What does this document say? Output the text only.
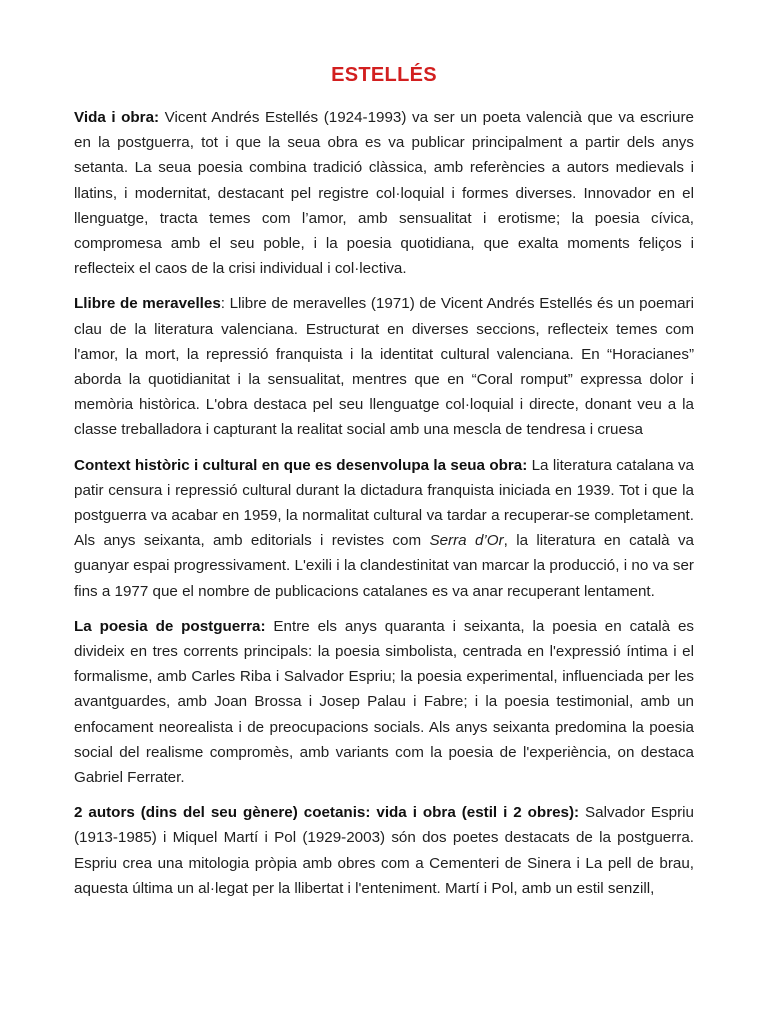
ESTELLÉS

Vida i obra: Vicent Andrés Estellés (1924-1993) va ser un poeta valencià que va escriure en la postguerra, tot i que la seua obra es va publicar principalment a partir dels anys setanta. La seua poesia combina tradició clàssica, amb referències a autors medievals i llatins, i modernitat, destacant pel registre col·loquial i formes diverses. Innovador en el llenguatge, tracta temes com l’amor, amb sensualitat i erotisme; la poesia cívica, compromesa amb el seu poble, i la poesia quotidiana, que exalta moments feliços i reflecteix el caos de la crisi individual i col·lectiva.

Llibre de meravelles: Llibre de meravelles (1971) de Vicent Andrés Estellés és un poemari clau de la literatura valenciana. Estructurat en diverses seccions, reflecteix temes com l'amor, la mort, la repressió franquista i la identitat cultural valenciana. En “Horacianes” aborda la quotidianitat i la sensualitat, mentres que en “Coral romput” expressa dolor i memòria històrica. L'obra destaca pel seu llenguatge col·loquial i directe, donant veu a la classe treballadora i capturant la realitat social amb una mescla de tendresa i cruesa

Context històric i cultural en que es desenvolupa la seua obra: La literatura catalana va patir censura i repressió cultural durant la dictadura franquista iniciada en 1939. Tot i que la postguerra va acabar en 1959, la normalitat cultural va tardar a recuperar-se completament. Als anys seixanta, amb editorials i revistes com Serra d’Or, la literatura en català va guanyar espai progressivament. L'exili i la clandestinitat van marcar la producció, i no va ser fins a 1977 que el nombre de publicacions catalanes es va anar recuperant lentament.

La poesia de postguerra: Entre els anys quaranta i seixanta, la poesia en català es divideix en tres corrents principals: la poesia simbolista, centrada en l'expressió íntima i el formalisme, amb Carles Riba i Salvador Espriu; la poesia experimental, influenciada per les avantguardes, amb Joan Brossa i Josep Palau i Fabre; i la poesia testimonial, amb un enfocament neorealista i de preocupacions socials. Als anys seixanta predomina la poesia social del realisme compromès, amb variants com la poesia de l'experiència, on destaca Gabriel Ferrater.

2 autors (dins del seu gènere) coetanis: vida i obra (estil i 2 obres): Salvador Espriu (1913-1985) i Miquel Martí i Pol (1929-2003) són dos poetes destacats de la postguerra. Espriu crea una mitologia pròpia amb obres com a Cementeri de Sinera i La pell de brau, aquesta última un al·legat per la llibertat i l'enteniment. Martí i Pol, amb un estil senzill,
